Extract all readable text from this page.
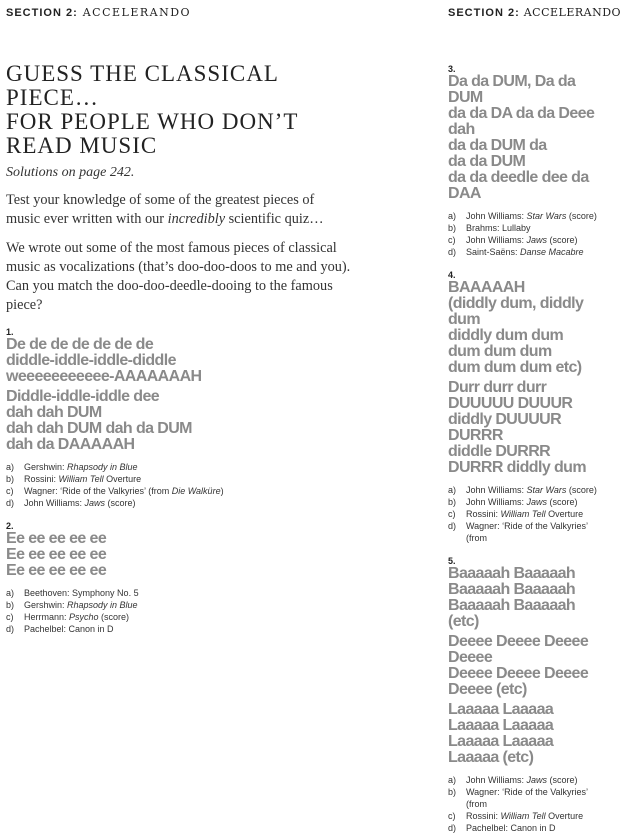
SECTION 2: ACCELERANDO	SECTION 2: ACCELERANDO
GUESS THE CLASSICAL PIECE…
FOR PEOPLE WHO DON’T
READ MUSIC
Solutions on page 242.
Test your knowledge of some of the greatest pieces of music ever written with our incredibly scientific quiz…
We wrote out some of the most famous pieces of classical music as vocalizations (that’s doo-doo-doos to me and you). Can you match the doo-doo-deedle-dooing to the famous piece?
1.
De de de de de de de
diddle-iddle-iddle-diddle
weeeeeeeeeee-AAAAAAAH
Diddle-iddle-iddle dee
dah dah DUM
dah dah DUM dah da DUM
dah da DAAAAAH
a) Gershwin: Rhapsody in Blue
b) Rossini: William Tell Overture
c) Wagner: ‘Ride of the Valkyries’ (from Die Walküre)
d) John Williams: Jaws (score)
2.
Ee ee ee ee ee
Ee ee ee ee ee
Ee ee ee ee ee
a) Beethoven: Symphony No. 5
b) Gershwin: Rhapsody in Blue
c) Herrmann: Psycho (score)
d) Pachelbel: Canon in D
3.
Da da DUM, Da da DUM
da da DA da da Deee dah
da da DUM da
da da DUM
da da deedle dee da DAA
a) John Williams: Star Wars (score)
b) Brahms: Lullaby
c) John Williams: Jaws (score)
d) Saint-Saëns: Danse Macabre
4.
BAAAAAH
(diddly dum, diddly dum
diddly dum dum dum dum dum
dum dum dum etc)
Durr durr durr DUUUUU DUUUR
diddly DUUUUR DURRR
diddle DURRR DURRR diddly dum
a) John Williams: Star Wars (score)
b) John Williams: Jaws (score)
c) Rossini: William Tell Overture
d) Wagner: ‘Ride of the Valkyries’ (from
5.
Baaaaah Baaaaah Baaaaah Baaaaah
Baaaaah Baaaaah (etc)
Deeee Deeee Deeee Deeee
Deeee Deeee Deeee Deeee (etc)
Laaaaa Laaaaa Laaaaa Laaaaa
Laaaaa Laaaaa Laaaaa (etc)
a) John Williams: Jaws (score)
b) Wagner: ‘Ride of the Valkyries’ (from
c) Rossini: William Tell Overture
d) Pachelbel: Canon in D
